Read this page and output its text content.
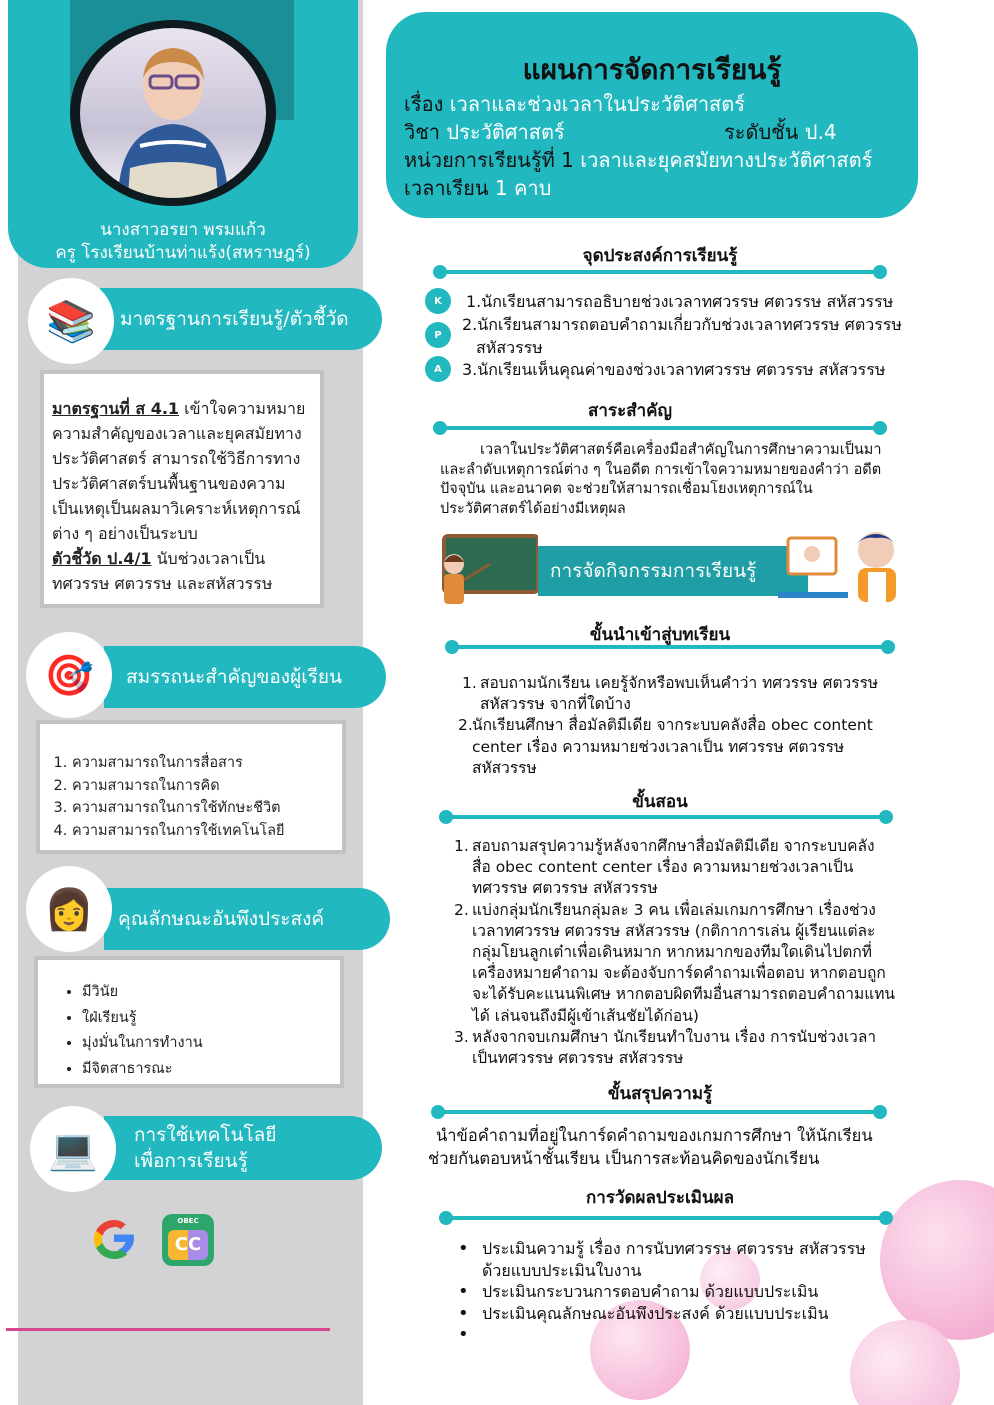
นางสาวอรยา พรมแก้ว
ครู โรงเรียนบ้านท่าแร้ง(สหราษฎร์)
มาตรฐานการเรียนรู้/ตัวชี้วัด
📚
มาตรฐานที่ ส 4.1 เข้าใจความหมาย
ความสำคัญของเวลาและยุคสมัยทาง
ประวัติศาสตร์ สามารถใช้วิธีการทาง
ประวัติศาสตร์บนพื้นฐานของความ
เป็นเหตุเป็นผลมาวิเคราะห์เหตุการณ์
ต่าง ๆ อย่างเป็นระบบ
ตัวชี้วัด ป.4/1 นับช่วงเวลาเป็น
ทศวรรษ ศตวรรษ และสหัสวรรษ
สมรรถนะสำคัญของผู้เรียน
🎯
1. ความสามารถในการสื่อสาร
2. ความสามารถในการคิด
3. ความสามารถในการใช้ทักษะชีวิต
4. ความสามารถในการใช้เทคโนโลยี
คุณลักษณะอันพึงประสงค์
👩
• มีวินัย
• ใฝ่เรียนรู้
• มุ่งมั่นในการทำงาน
• มีจิตสาธารณะ
การใช้เทคโนโลยี
เพื่อการเรียนรู้
💻
OBEC
CC
แผนการจัดการเรียนรู้
เรื่อง เวลาและช่วงเวลาในประวัติศาสตร์
วิชา ประวัติศาสตร์	ระดับชั้น ป.4
หน่วยการเรียนรู้ที่ 1 เวลาและยุคสมัยทางประวัติศาสตร์
เวลาเรียน 1 คาบ
จุดประสงค์การเรียนรู้
K
P
A
1.นักเรียนสามารถอธิบายช่วงเวลาทศวรรษ ศตวรรษ สหัสวรรษ
2.นักเรียนสามารถตอบคำถามเกี่ยวกับช่วงเวลาทศวรรษ ศตวรรษ
สหัสวรรษ
3.นักเรียนเห็นคุณค่าของช่วงเวลาทศวรรษ ศตวรรษ สหัสวรรษ
สาระสำคัญ
เวลาในประวัติศาสตร์คือเครื่องมือสำคัญในการศึกษาความเป็นมา
และลำดับเหตุการณ์ต่าง ๆ ในอดีต การเข้าใจความหมายของคำว่า อดีต
ปัจจุบัน และอนาคต จะช่วยให้สามารถเชื่อมโยงเหตุการณ์ใน
ประวัติศาสตร์ได้อย่างมีเหตุผล
การจัดกิจกรรมการเรียนรู้
ขั้นนำเข้าสู่บทเรียน
1. สอบถามนักเรียน เคยรู้จักหรือพบเห็นคำว่า ทศวรรษ ศตวรรษ
สหัสวรรษ จากที่ใดบ้าง
2. นักเรียนศึกษา สื่อมัลติมีเดีย จากระบบคลังสื่อ obec content
center เรื่อง ความหมายช่วงเวลาเป็น ทศวรรษ ศตวรรษ
สหัสวรรษ
ขั้นสอน
1. สอบถามสรุปความรู้หลังจากศึกษาสื่อมัลติมีเดีย จากระบบคลัง
สื่อ obec content center เรื่อง ความหมายช่วงเวลาเป็น
ทศวรรษ ศตวรรษ สหัสวรรษ
2. แบ่งกลุ่มนักเรียนกลุ่มละ 3 คน เพื่อเล่มเกมการศึกษา เรื่องช่วง
เวลาทศวรรษ ศตวรรษ สหัสวรรษ (กติกาการเล่น ผู้เรียนแต่ละ
กลุ่มโยนลูกเต๋าเพื่อเดินหมาก หากหมากของทีมใดเดินไปตกที่
เครื่องหมายคำถาม จะต้องจับการ์ดคำถามเพื่อตอบ หากตอบถูก
จะได้รับคะแนนพิเศษ หากตอบผิดทีมอื่นสามารถตอบคำถามแทน
ได้ เล่นจนถึงมีผู้เข้าเส้นชัยได้ก่อน)
3. หลังจากจบเกมศึกษา นักเรียนทำใบงาน เรื่อง การนับช่วงเวลา
เป็นทศวรรษ ศตวรรษ สหัสวรรษ
ขั้นสรุปความรู้
นำข้อคำถามที่อยู่ในการ์ดคำถามของเกมการศึกษา ให้นักเรียน
ช่วยกันตอบหน้าชั้นเรียน เป็นการสะท้อนคิดของนักเรียน
การวัดผลประเมินผล
• ประเมินความรู้ เรื่อง การนับทศวรรษ ศตวรรษ สหัสวรรษ
ด้วยแบบประเมินใบงาน
• ประเมินกระบวนการตอบคำถาม ด้วยแบบประเมิน
• ประเมินคุณลักษณะอันพึงประสงค์ ด้วยแบบประเมิน
•
